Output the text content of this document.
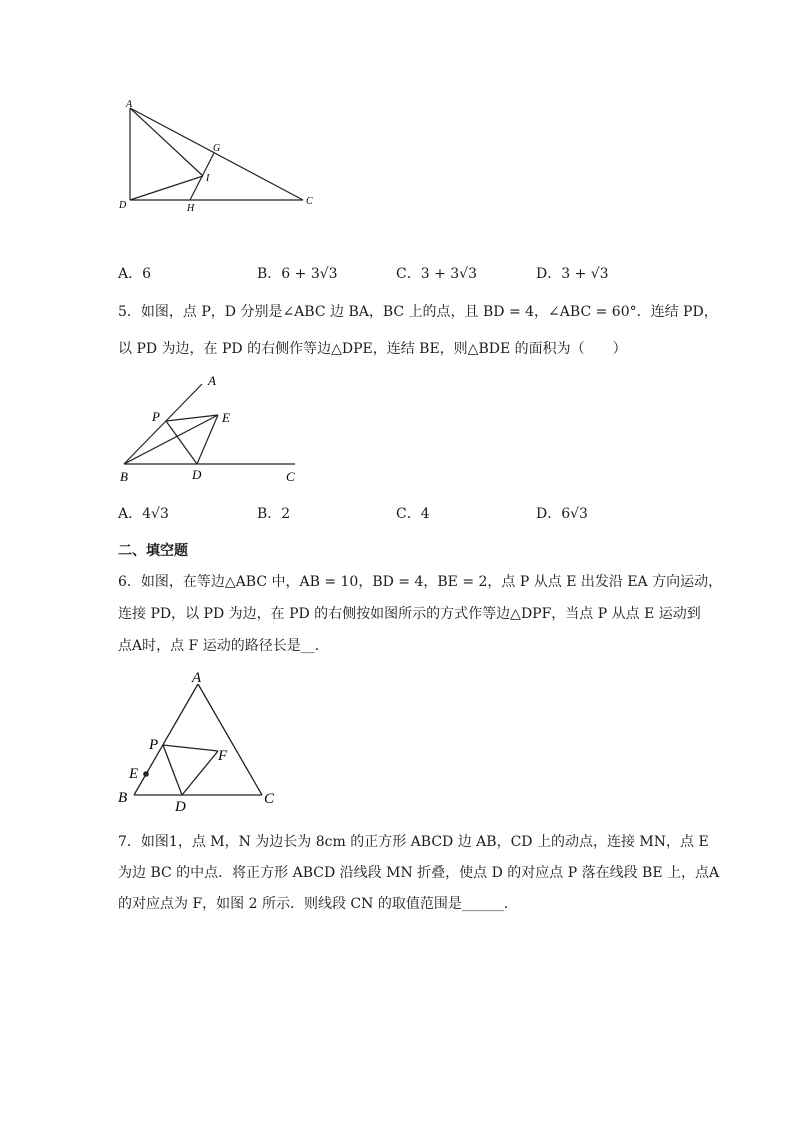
A
G
I
D	H
C
A．6	B．6 + 3√3	C．3 + 3√3	D．3 + √3
5．如图，点 P，D 分别是∠ABC 边 BA，BC 上的点，且 BD = 4，∠ABC = 60°．连结 PD，
以 PD 为边，在 PD 的右侧作等边△DPE，连结 BE，则△BDE 的面积为（　　）
A
P	E
B	D	C
A．4√3	B．2	C．4	D．6√3
二、填空题
6．如图，在等边△ABC 中，AB = 10，BD = 4，BE = 2，点 P 从点 E 出发沿 EA 方向运动，
连接 PD，以 PD 为边，在 PD 的右侧按如图所示的方式作等边△DPF，当点 P 从点 E 运动到
点A时，点 F 运动的路径长是__．
A
P
F
E
B
D	C
7．如图1，点 M，N 为边长为 8cm 的正方形 ABCD 边 AB，CD 上的动点，连接 MN，点 E
为边 BC 的中点．将正方形 ABCD 沿线段 MN 折叠，使点 D 的对应点 P 落在线段 BE 上，点A
的对应点为 F，如图 2 所示．则线段 CN 的取值范围是______．
